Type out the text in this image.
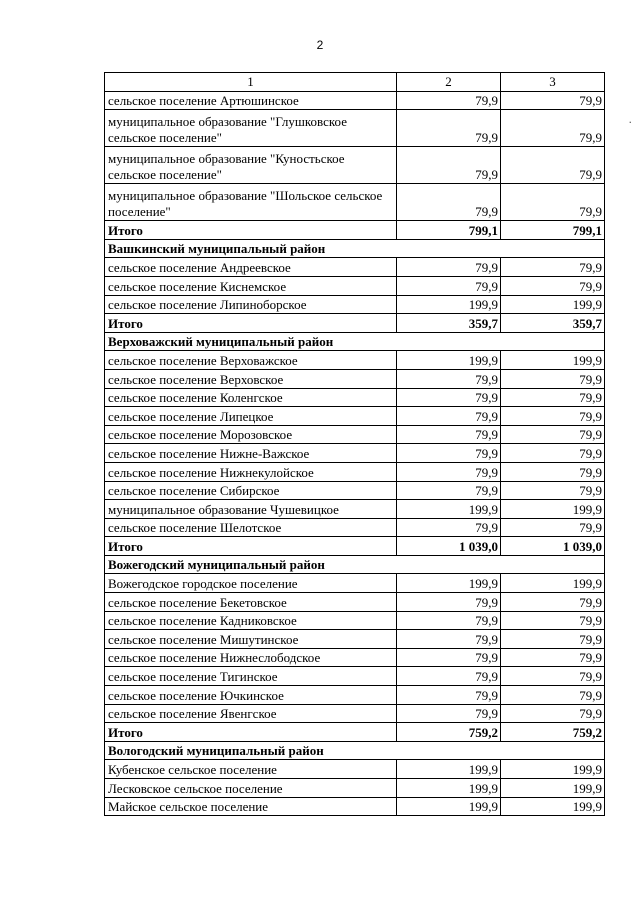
2
·
1	2	3
сельское поселение Артюшинское	79,9	79,9
муниципальное образование "Глушковское сельское поселение"	79,9	79,9
муниципальное образование "Куностьское сельское поселение"	79,9	79,9
муниципальное образование "Шольское сельское поселение"	79,9	79,9
Итого	799,1	799,1
Вашкинский муниципальный район		
сельское поселение Андреевское	79,9	79,9
сельское поселение Киснемское	79,9	79,9
сельское поселение Липиноборское	199,9	199,9
Итого	359,7	359,7
Верховажский муниципальный район		
сельское поселение Верховажское	199,9	199,9
сельское поселение Верховское	79,9	79,9
сельское поселение Коленгское	79,9	79,9
сельское поселение Липецкое	79,9	79,9
сельское поселение Морозовское	79,9	79,9
сельское поселение Нижне-Важское	79,9	79,9
сельское поселение Нижнекулойское	79,9	79,9
сельское поселение Сибирское	79,9	79,9
муниципальное образование Чушевицкое	199,9	199,9
сельское поселение Шелотское	79,9	79,9
Итого	1 039,0	1 039,0
Вожегодский муниципальный район		
Вожегодское городское поселение	199,9	199,9
сельское поселение Бекетовское	79,9	79,9
сельское поселение Кадниковское	79,9	79,9
сельское поселение Мишутинское	79,9	79,9
сельское поселение Нижнеслободское	79,9	79,9
сельское поселение Тигинское	79,9	79,9
сельское поселение Ючкинское	79,9	79,9
сельское поселение Явенгское	79,9	79,9
Итого	759,2	759,2
Вологодский муниципальный район		
Кубенское сельское поселение	199,9	199,9
Лесковское сельское поселение	199,9	199,9
Майское сельское поселение	199,9	199,9
